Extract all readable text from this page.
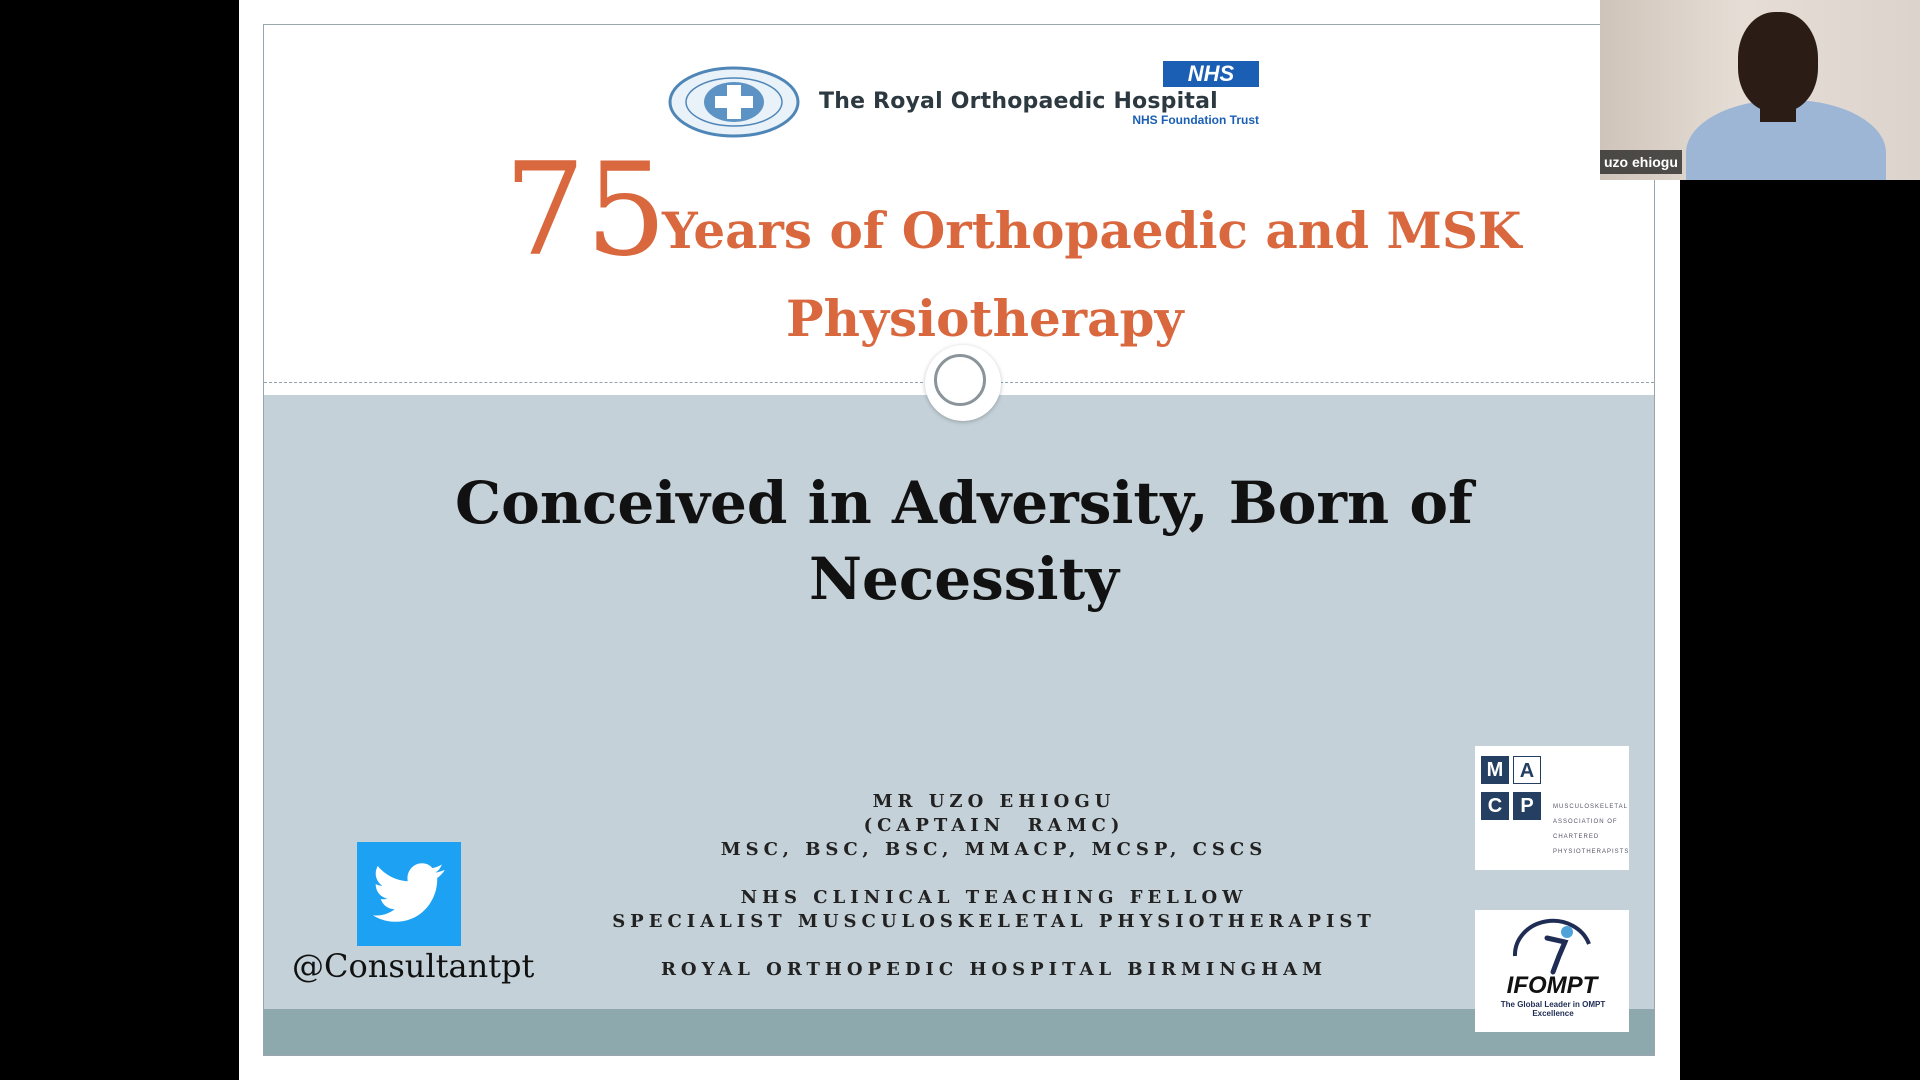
The Royal Orthopaedic Hospital
NHS
NHS Foundation Trust
75
Years of Orthopaedic and MSK
Physiotherapy
Conceived in Adversity, Born of
Necessity
MR UZO EHIOGU
(CAPTAIN  RAMC)
MSC, BSC, BSC, MMACP, MCSP, CSCS
NHS CLINICAL TEACHING FELLOW
SPECIALIST MUSCULOSKELETAL PHYSIOTHERAPIST
ROYAL ORTHOPEDIC HOSPITAL BIRMINGHAM
@Consultantpt
M A
C P	MUSCULOSKELETAL ASSOCIATION OF CHARTERED PHYSIOTHERAPISTS
IFOMPT
The Global Leader in OMPT Excellence
uzo ehiogu
